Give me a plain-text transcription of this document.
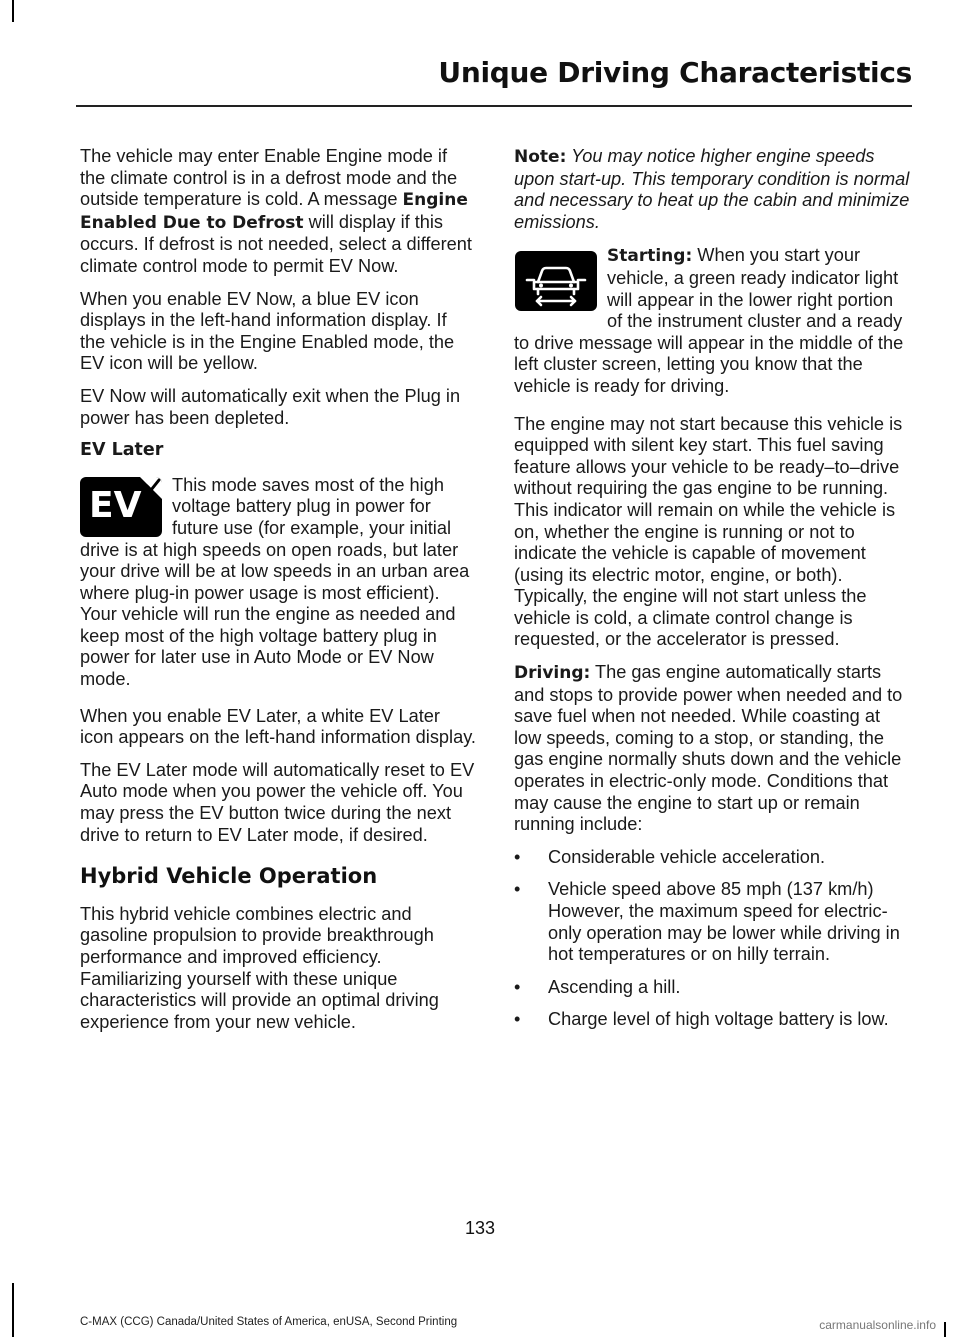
Unique Driving Characteristics

The vehicle may enter Enable Engine mode if the climate control is in a defrost mode and the outside temperature is cold. A message Engine Enabled Due to Defrost will display if this occurs. If defrost is not needed, select a different climate control mode to permit EV Now.

When you enable EV Now, a blue EV icon displays in the left-hand information display. If the vehicle is in the Engine Enabled mode, the EV icon will be yellow.

EV Now will automatically exit when the Plug in power has been depleted.

EV Later

EV This mode saves most of the high voltage battery plug in power for future use (for example, your initial drive is at high speeds on open roads, but later your drive will be at low speeds in an urban area where plug-in power usage is most efficient). Your vehicle will run the engine as needed and keep most of the high voltage battery plug in power for later use in Auto Mode or EV Now mode.

When you enable EV Later, a white EV Later icon appears on the left-hand information display.

The EV Later mode will automatically reset to EV Auto mode when you power the vehicle off. You may press the EV button twice during the next drive to return to EV Later mode, if desired.

Hybrid Vehicle Operation

This hybrid vehicle combines electric and gasoline propulsion to provide breakthrough performance and improved efficiency. Familiarizing yourself with these unique characteristics will provide an optimal driving experience from your new vehicle.

Note: You may notice higher engine speeds upon start-up. This temporary condition is normal and necessary to heat up the cabin and minimize emissions.

Starting: When you start your vehicle, a green ready indicator light will appear in the lower right portion of the instrument cluster and a ready to drive message will appear in the middle of the left cluster screen, letting you know that the vehicle is ready for driving.

The engine may not start because this vehicle is equipped with silent key start. This fuel saving feature allows your vehicle to be ready–to–drive without requiring the gas engine to be running. This indicator will remain on while the vehicle is on, whether the engine is running or not to indicate the vehicle is capable of movement (using its electric motor, engine, or both). Typically, the engine will not start unless the vehicle is cold, a climate control change is requested, or the accelerator is pressed.

Driving: The gas engine automatically starts and stops to provide power when needed and to save fuel when not needed. While coasting at low speeds, coming to a stop, or standing, the gas engine normally shuts down and the vehicle operates in electric-only mode. Conditions that may cause the engine to start up or remain running include:

• Considerable vehicle acceleration.
• Vehicle speed above 85 mph (137 km/h) However, the maximum speed for electric-only operation may be lower while driving in hot temperatures or on hilly terrain.
• Ascending a hill.
• Charge level of high voltage battery is low.
133
C-MAX (CCG) Canada/United States of America, enUSA, Second Printing	carmanualsonline.info
